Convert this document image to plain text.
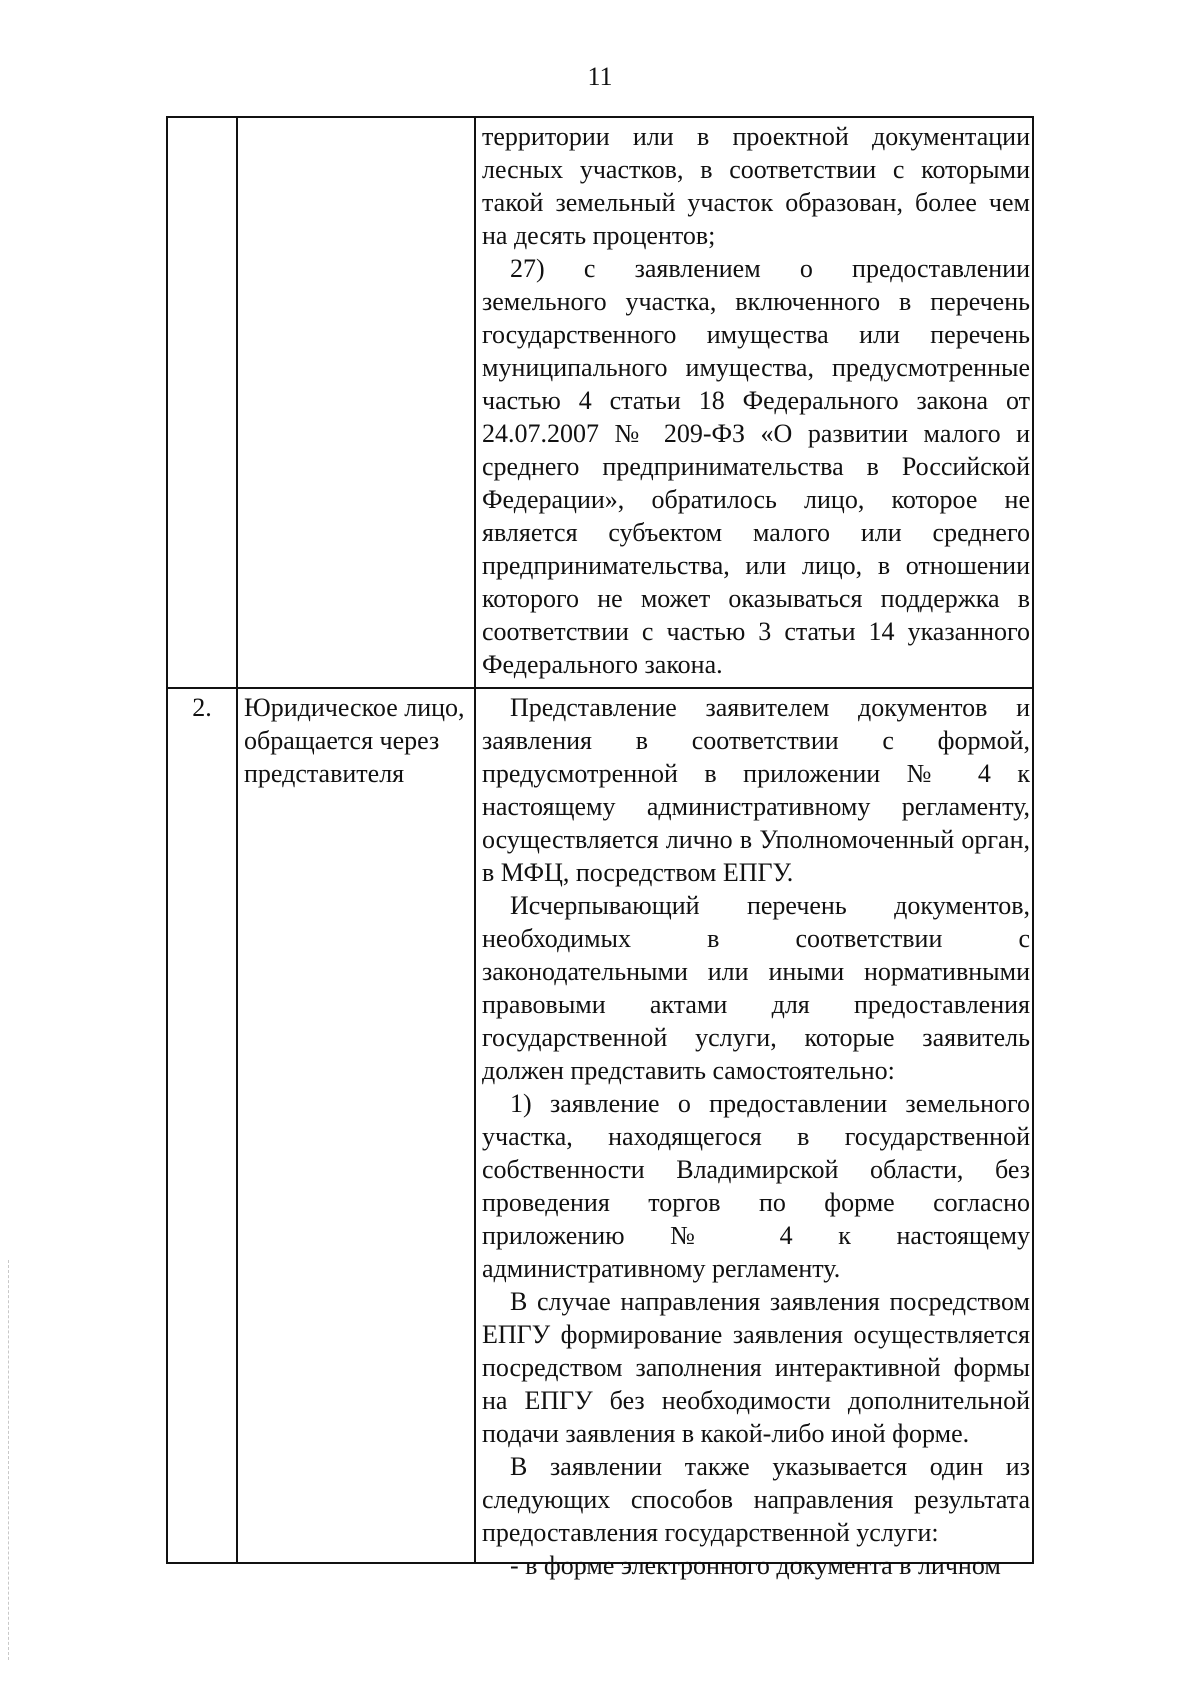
11

территории или в проектной документации лесных участков, в соответствии с которыми такой земельный участок образован, более чем на десять процентов;

27) с заявлением о предоставлении земельного участка, включенного в перечень государственного имущества или перечень муниципального имущества, предусмотренные частью 4 статьи 18 Федерального закона от 24.07.2007 № 209-ФЗ «О развитии малого и среднего предпринимательства в Российской Федерации», обратилось лицо, которое не является субъектом малого или среднего предпринимательства, или лицо, в отношении которого не может оказываться поддержка в соответствии с частью 3 статьи 14 указанного Федерального закона.

2.	Юридическое лицо, обращается через представителя

Представление заявителем документов и заявления в соответствии с формой, предусмотренной в приложении № 4 к настоящему административному регламенту, осуществляется лично в Уполномоченный орган, в МФЦ, посредством ЕПГУ.

Исчерпывающий перечень документов, необходимых в соответствии с законодательными или иными нормативными правовыми актами для предоставления государственной услуги, которые заявитель должен представить самостоятельно:

1) заявление о предоставлении земельного участка, находящегося в государственной собственности Владимирской области, без проведения торгов по форме согласно приложению № 4 к настоящему административному регламенту.

В случае направления заявления посредством ЕПГУ формирование заявления осуществляется посредством заполнения интерактивной формы на ЕПГУ без необходимости дополнительной подачи заявления в какой-либо иной форме.

В заявлении также указывается один из следующих способов направления результата предоставления государственной услуги:

- в форме электронного документа в личном
